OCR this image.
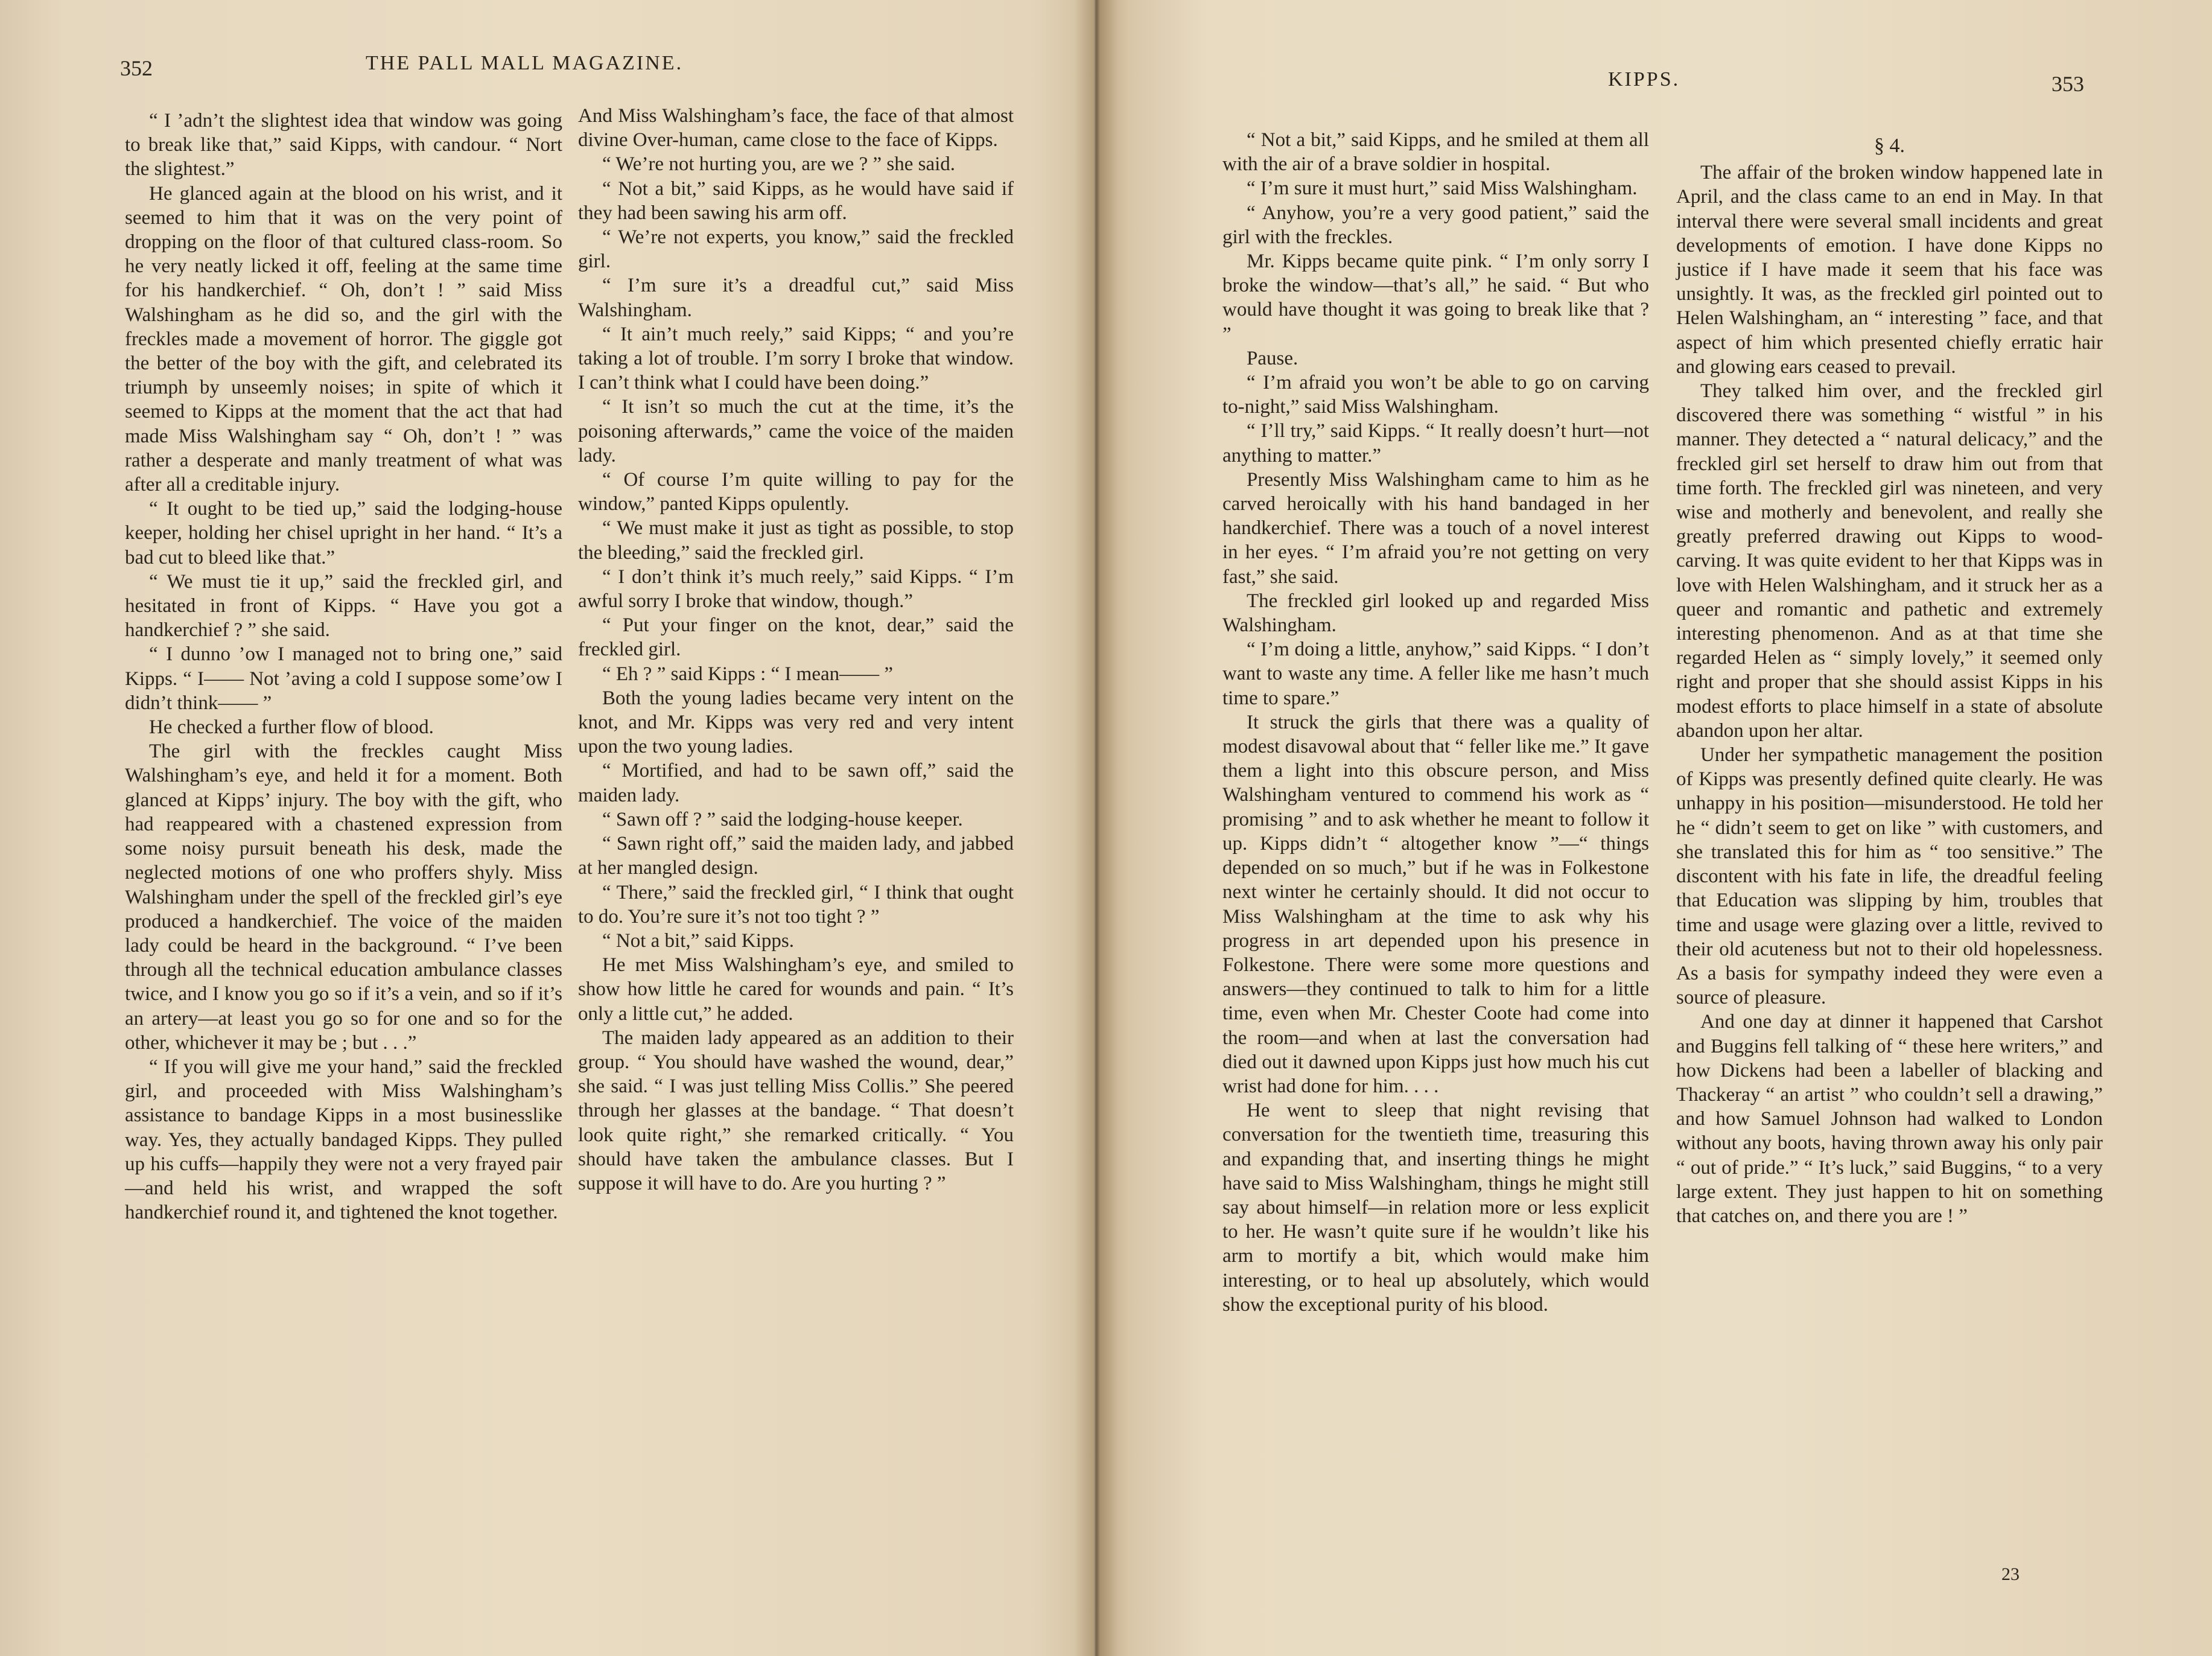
352	THE PALL MALL MAGAZINE.

“ I ’adn’t the slightest idea that window was going to break like that,” said Kipps, with candour. “ Nort the slightest.”

He glanced again at the blood on his wrist, and it seemed to him that it was on the very point of dropping on the floor of that cultured class-room. So he very neatly licked it off, feeling at the same time for his handkerchief. “ Oh, don’t ! ” said Miss Walshingham as he did so, and the girl with the freckles made a movement of horror. The giggle got the better of the boy with the gift, and celebrated its triumph by unseemly noises; in spite of which it seemed to Kipps at the moment that the act that had made Miss Walshingham say “ Oh, don’t ! ” was rather a desperate and manly treatment of what was after all a creditable injury.

“ It ought to be tied up,” said the lodging-house keeper, holding her chisel upright in her hand. “ It’s a bad cut to bleed like that.”

“ We must tie it up,” said the freckled girl, and hesitated in front of Kipps. “ Have you got a handkerchief ? ” she said.

“ I dunno ’ow I managed not to bring one,” said Kipps. “ I—— Not ’aving a cold I suppose some’ow I didn’t think—— ”

He checked a further flow of blood.

The girl with the freckles caught Miss Walshingham’s eye, and held it for a moment. Both glanced at Kipps’ injury. The boy with the gift, who had reappeared with a chastened expression from some noisy pursuit beneath his desk, made the neglected motions of one who proffers shyly. Miss Walshingham under the spell of the freckled girl’s eye produced a handkerchief. The voice of the maiden lady could be heard in the background. “ I’ve been through all the technical education ambulance classes twice, and I know you go so if it’s a vein, and so if it’s an artery—at least you go so for one and so for the other, whichever it may be ; but . . .”

“ If you will give me your hand,” said the freckled girl, and proceeded with Miss Walshingham’s assistance to bandage Kipps in a most businesslike way. Yes, they actually bandaged Kipps. They pulled up his cuffs—happily they were not a very frayed pair—and held his wrist, and wrapped the soft handkerchief round it, and tightened the knot together.

And Miss Walshingham’s face, the face of that almost divine Over-human, came close to the face of Kipps.

“ We’re not hurting you, are we ? ” she said.

“ Not a bit,” said Kipps, as he would have said if they had been sawing his arm off.

“ We’re not experts, you know,” said the freckled girl.

“ I’m sure it’s a dreadful cut,” said Miss Walshingham.

“ It ain’t much reely,” said Kipps; “ and you’re taking a lot of trouble. I’m sorry I broke that window. I can’t think what I could have been doing.”

“ It isn’t so much the cut at the time, it’s the poisoning afterwards,” came the voice of the maiden lady.

“ Of course I’m quite willing to pay for the window,” panted Kipps opulently.

“ We must make it just as tight as possible, to stop the bleeding,” said the freckled girl.

“ I don’t think it’s much reely,” said Kipps. “ I’m awful sorry I broke that window, though.”

“ Put your finger on the knot, dear,” said the freckled girl.

“ Eh ? ” said Kipps : “ I mean—— ”

Both the young ladies became very intent on the knot, and Mr. Kipps was very red and very intent upon the two young ladies.

“ Mortified, and had to be sawn off,” said the maiden lady.

“ Sawn off ? ” said the lodging-house keeper.

“ Sawn right off,” said the maiden lady, and jabbed at her mangled design.

“ There,” said the freckled girl, “ I think that ought to do. You’re sure it’s not too tight ? ”

“ Not a bit,” said Kipps.

He met Miss Walshingham’s eye, and smiled to show how little he cared for wounds and pain. “ It’s only a little cut,” he added.

The maiden lady appeared as an addition to their group. “ You should have washed the wound, dear,” she said. “ I was just telling Miss Collis.” She peered through her glasses at the bandage. “ That doesn’t look quite right,” she remarked critically. “ You should have taken the ambulance classes. But I suppose it will have to do. Are you hurting ? ”

KIPPS.	353

“ Not a bit,” said Kipps, and he smiled at them all with the air of a brave soldier in hospital.

“ I’m sure it must hurt,” said Miss Walshingham.

“ Anyhow, you’re a very good patient,” said the girl with the freckles.

Mr. Kipps became quite pink. “ I’m only sorry I broke the window—that’s all,” he said. “ But who would have thought it was going to break like that ? ”

Pause.

“ I’m afraid you won’t be able to go on carving to-night,” said Miss Walshingham.

“ I’ll try,” said Kipps. “ It really doesn’t hurt—not anything to matter.”

Presently Miss Walshingham came to him as he carved heroically with his hand bandaged in her handkerchief. There was a touch of a novel interest in her eyes. “ I’m afraid you’re not getting on very fast,” she said.

The freckled girl looked up and regarded Miss Walshingham.

“ I’m doing a little, anyhow,” said Kipps. “ I don’t want to waste any time. A feller like me hasn’t much time to spare.”

It struck the girls that there was a quality of modest disavowal about that “ feller like me.” It gave them a light into this obscure person, and Miss Walshingham ventured to commend his work as “ promising ” and to ask whether he meant to follow it up. Kipps didn’t “ altogether know ”—“ things depended on so much,” but if he was in Folkestone next winter he certainly should. It did not occur to Miss Walshingham at the time to ask why his progress in art depended upon his presence in Folkestone. There were some more questions and answers—they continued to talk to him for a little time, even when Mr. Chester Coote had come into the room—and when at last the conversation had died out it dawned upon Kipps just how much his cut wrist had done for him. . . .

He went to sleep that night revising that conversation for the twentieth time, treasuring this and expanding that, and inserting things he might have said to Miss Walshingham, things he might still say about himself—in relation more or less explicit to her. He wasn’t quite sure if he wouldn’t like his arm to mortify a bit, which would make him interesting, or to heal up absolutely, which would show the exceptional purity of his blood.

§ 4.

The affair of the broken window happened late in April, and the class came to an end in May. In that interval there were several small incidents and great developments of emotion. I have done Kipps no justice if I have made it seem that his face was unsightly. It was, as the freckled girl pointed out to Helen Walshingham, an “ interesting ” face, and that aspect of him which presented chiefly erratic hair and glowing ears ceased to prevail.

They talked him over, and the freckled girl discovered there was something “ wistful ” in his manner. They detected a “ natural delicacy,” and the freckled girl set herself to draw him out from that time forth. The freckled girl was nineteen, and very wise and motherly and benevolent, and really she greatly preferred drawing out Kipps to wood-carving. It was quite evident to her that Kipps was in love with Helen Walshingham, and it struck her as a queer and romantic and pathetic and extremely interesting phenomenon. And as at that time she regarded Helen as “ simply lovely,” it seemed only right and proper that she should assist Kipps in his modest efforts to place himself in a state of absolute abandon upon her altar.

Under her sympathetic management the position of Kipps was presently defined quite clearly. He was unhappy in his position—misunderstood. He told her he “ didn’t seem to get on like ” with customers, and she translated this for him as “ too sensitive.” The discontent with his fate in life, the dreadful feeling that Education was slipping by him, troubles that time and usage were glazing over a little, revived to their old acuteness but not to their old hopelessness. As a basis for sympathy indeed they were even a source of pleasure.

And one day at dinner it happened that Carshot and Buggins fell talking of “ these here writers,” and how Dickens had been a labeller of blacking and Thackeray “ an artist ” who couldn’t sell a drawing,” and how Samuel Johnson had walked to London without any boots, having thrown away his only pair “ out of pride.” “ It’s luck,” said Buggins, “ to a very large extent. They just happen to hit on something that catches on, and there you are ! ”

23
